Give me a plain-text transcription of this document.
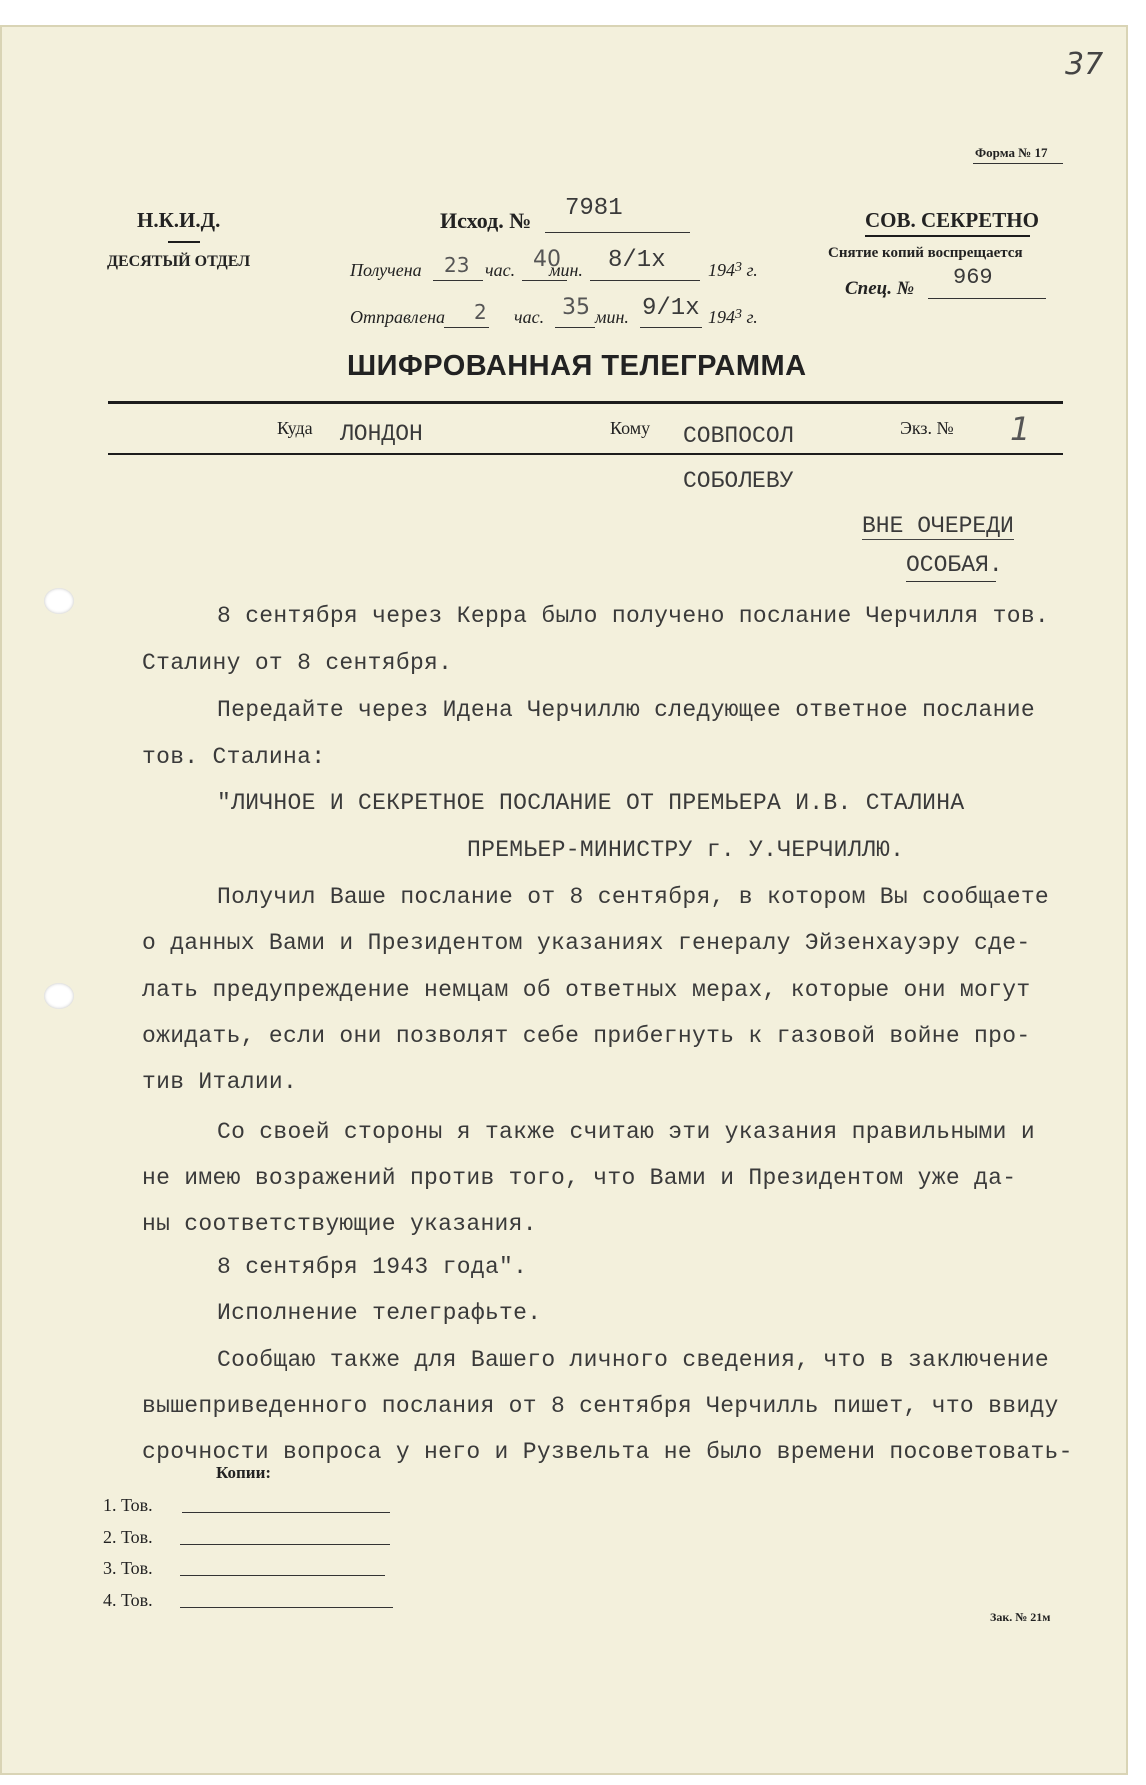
37
Форма № 17
Н.К.И.Д.
ДЕСЯТЫЙ ОТДЕЛ
Исход. № 7981
Получена 23 час. 40
мин. 8/1х $194^3$ г.
Отправлена 2 час. 35 мин. 9/1х $194^3$ г.
СОВ. СЕКРЕТНО
Снятие копий воспрещается
Спец. № 969
ШИФРОВАННАЯ ТЕЛЕГРАММА
Куда ЛОНДОН	Кому СОВПОСОЛ	Экз. № 1
СОБОЛЕВУ
ВНЕ ОЧЕРЕДИ
ОСОБАЯ.
8 сентября через Керра было получено послание Черчилля тов.
Сталину от 8 сентября.
Передайте через Идена Черчиллю следующее ответное послание
тов. Сталина:
"ЛИЧНОЕ И СЕКРЕТНОЕ ПОСЛАНИЕ ОТ ПРЕМЬЕРА И.В. СТАЛИНА
ПРЕМЬЕР-МИНИСТРУ г. У.ЧЕРЧИЛЛЮ.
Получил Ваше послание от 8 сентября, в котором Вы сообщаете
о данных Вами и Президентом указаниях генералу Эйзенхауэру сде-
лать предупреждение немцам об ответных мерах, которые они могут
ожидать, если они позволят себе прибегнуть к газовой войне про-
тив Италии.
Со своей стороны я также считаю эти указания правильными и
не имею возражений против того, что Вами и Президентом уже да-
ны соответствующие указания.
8 сентября 1943 года".
Исполнение телеграфьте.
Сообщаю также для Вашего личного сведения, что в заключение
вышеприведенного послания от 8 сентября Черчилль пишет, что ввиду
срочности вопроса у него и Рузвельта не было времени посоветовать-
Копии:
1. Тов.
2. Тов.
3. Тов.
4. Тов.
Зак. № 21м
